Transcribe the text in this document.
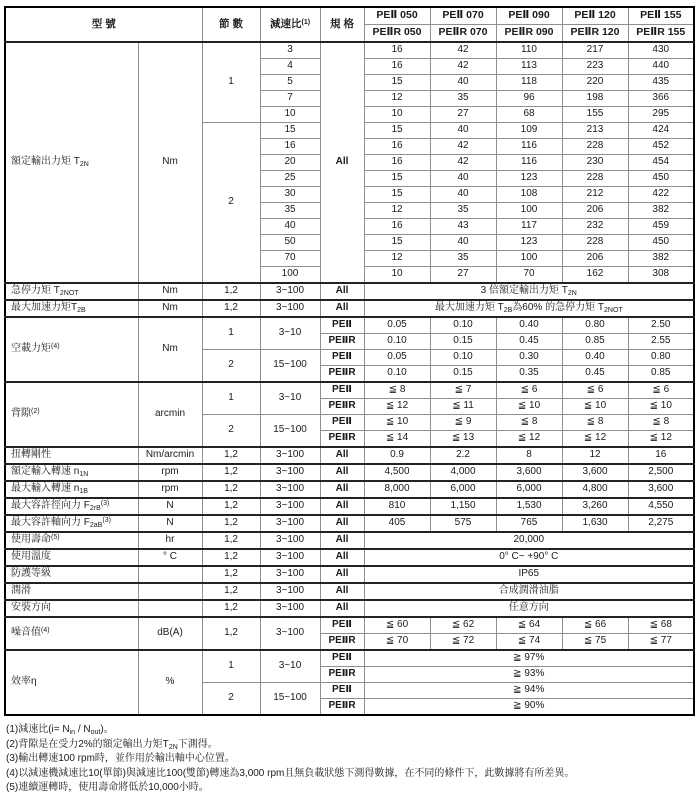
型 號		節 數	減速比$^{(1)}$	規 格	PEⅡ 050	PEⅡ 070	PEⅡ 090	PEⅡ 120	PEⅡ 155
					PEⅡR 050	PEⅡR 070	PEⅡR 090	PEⅡR 120	PEⅡR 155
額定輸出力矩 $T_{2N}$	Nm	1	3	All	16	42	110	217	430
			4		16	42	113	223	440
			5		15	40	118	220	435
			7		12	35	96	198	366
			10		10	27	68	155	295
		2	15		15	40	109	213	424
			16		16	42	116	228	452
			20		16	42	116	230	454
			25		15	40	123	228	450
			30		15	40	108	212	422
			35		12	35	100	206	382
			40		16	43	117	232	459
			50		15	40	123	228	450
			70		12	35	100	206	382
			100		10	27	70	162	308
急停力矩 $T_{2NOT}$	Nm	1,2	3~100	All	3 倍額定輸出力矩 $T_{2N}$
最大加速力矩$T_{2B}$	Nm	1,2	3~100	All	最大加速力矩 $T_{2B}$為60% 的急停力矩 $T_{2NOT}$
空載力矩$^{(4)}$	Nm	1	3~10	PEⅡ	0.05	0.10	0.40	0.80	2.50
				PEⅡR	0.10	0.15	0.45	0.85	2.55
		2	15~100	PEⅡ	0.05	0.10	0.30	0.40	0.80
				PEⅡR	0.10	0.15	0.35	0.45	0.85
背隙$^{(2)}$	arcmin	1	3~10	PEⅡ	≦ 8	≦ 7	≦ 6	≦ 6	≦ 6
				PEⅡR	≦ 12	≦ 11	≦ 10	≦ 10	≦ 10
		2	15~100	PEⅡ	≦ 10	≦ 9	≦ 8	≦ 8	≦ 8
				PEⅡR	≦ 14	≦ 13	≦ 12	≦ 12	≦ 12
扭轉剛性	Nm/arcmin	1,2	3~100	All	0.9	2.2	8	12	16
額定輸入轉速 $n_{1N}$	rpm	1,2	3~100	All	4,500	4,000	3,600	3,600	2,500
最大輸入轉速 $n_{1B}$	rpm	1,2	3~100	All	8,000	6,000	6,000	4,800	3,600
最大容許徑向力 $F_{2rB}^{(3)}$	N	1,2	3~100	All	810	1,150	1,530	3,260	4,550
最大容許軸向力 $F_{2aB}^{(3)}$	N	1,2	3~100	All	405	575	765	1,630	2,275
使用壽命$^{(5)}$	hr	1,2	3~100	All	20,000				
使用溫度	° C	1,2	3~100	All	0° C~ +90° C				
防護等級		1,2	3~100	All	IP65				
潤滑		1,2	3~100	All	合成潤滑油脂				
安裝方向		1,2	3~100	All	任意方向				
噪音值$^{(4)}$	dB(A)	1,2	3~100	PEⅡ	≦ 60	≦ 62	≦ 64	≦ 66	≦ 68
				PEⅡR	≦ 70	≦ 72	≦ 74	≦ 75	≦ 77
效率η	%	1	3~10	PEⅡ	≧ 97%				
				PEⅡR	≧ 93%				
		2	15~100	PEⅡ	≧ 94%				
				PEⅡR	≧ 90%				
(1)減速比$(i= N_{in} / N_{out})$。
(2)背隙是在受力2%的額定輸出力矩$T_{2N}$下測得。
(3)輸出轉速100 rpm時，並作用於輸出軸中心位置。
(4)以減速機減速比10(單節)與減速比100(雙節)轉速為3,000 rpm且無負載狀態下測得數據，在不同的條件下，此數據將有所差異。
(5)連續運轉時，使用壽命將低於10,000小時。
